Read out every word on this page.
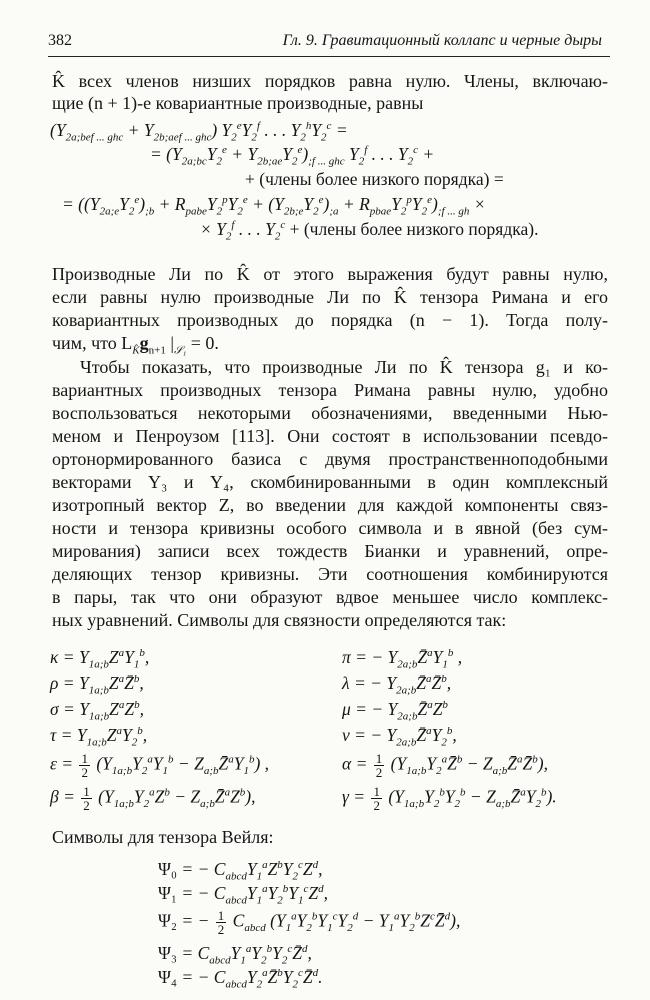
382	Гл. 9. Гравитационный коллапс и черные дыры
K̂ всех членов низших порядков равна нулю. Члены, включаю-
щие (n + 1)-е ковариантные производные, равны
$(Y_{2a;bef ... ghc} + Y_{2b;aef ... ghc})$ $Y_2^eY_2^f$ . . . $Y_2^hY_2^c$ =
= $(Y_{2a;bc}Y_2^e + Y_{2b;ae}Y_2^e)_{;f ... ghc}$ $Y_2^f$ . . . $Y_2^c$ +
+ (члены более низкого порядка) =
= $((Y_{2a;e}Y_2^e)_{;b} + R_{pabe}Y_2^pY_2^e + (Y_{2b;e}Y_2^e)_{;a} + R_{pbae}Y_2^pY_2^e)_{;f ... gh}$ ×
× $Y_2^f$ . . . $Y_2^c$ + (члены более низкого порядка).
Производные Ли по K̂ от этого выражения будут равны нулю,
если равны нулю производные Ли по K̂ тензора Римана и его
ковариантных производных до порядка (n − 1). Тогда полу-
чим, что $L_{K̂}g_{n+1}$ $|_{𝒮_1} = 0$.
Чтобы показать, что производные Ли по K̂ тензора g₁ и ко-
вариантных производных тензора Римана равны нулю, удобно
воспользоваться некоторыми обозначениями, введенными Нью-
меном и Пенроузом [113]. Они состоят в использовании псевдо-
ортонормированного базиса с двумя пространственноподобными
векторами Y₃ и Y₄, скомбинированными в один комплексный
изотропный вектор Z, во введении для каждой компоненты связ-
ности и тензора кривизны особого символа и в явной (без сум-
мирования) записи всех тождеств Бианки и уравнений, опре-
деляющих тензор кривизны. Эти соотношения комбинируются
в пары, так что они образуют вдвое меньшее число комплекс-
ных уравнений. Символы для связности определяются так:
$\kappa = Y_{1a;b}Z^aY_1^b$,
$\rho = Y_{1a;b}Z^aZ̄^b$,
$\sigma = Y_{1a;b}Z^aZ^b$,
$\tau = Y_{1a;b}Z^aY_2^b$,
$\varepsilon = \frac{1}{2} (Y_{1a;b}Y_2^aY_1^b$ − $Z_{a;b}Z̄^aY_1^b$) ,
$\beta = \frac{1}{2} (Y_{1a;b}Y_2^aZ^b$ − $Z_{a;b}Z̄^aZ^b$),
π = − $Y_{2a;b}Z̄^aY_1^b$ ,
λ = − $Y_{2a;b}Z̄^aZ̄^b$,
μ = − $Y_{2a;b}Z̄^aZ^b$
ν = − $Y_{2a;b}Z̄^aY_2^b$,
$\alpha = \frac{1}{2}$ ($Y_{1a;b}Y_2^aZ̄^b$ − $Z_{a;b}Z̄^aZ̄^b$),
$\gamma = \frac{1}{2} (Y_{1a;b}Y_2^bY_2^b$ − $Z_{a;b}Z̄^aY_2^b$).
Символы для тензора Вейля:
Ψ₀ = − $C_{abcd}Y_1^aZ^bY_2^cZ^d$,
Ψ₁ = − $C_{abcd}Y_1^aY_2^bY_1^cZ^d$,
Ψ₂ = − $\frac{1}{2} C_{abcd}$ ($Y_1^aY_2^bY_1^cY_2^d$ − $Y_1^aY_2^bZ^cZ̄^d$),
$\Psi_3 = C_{abcd}Y_1^aY_2^bY_2^cZ̄^d$,
Ψ₄ = − $C_{abcd}Y_2^aZ̄^bY_2^cZ̄^d$.
